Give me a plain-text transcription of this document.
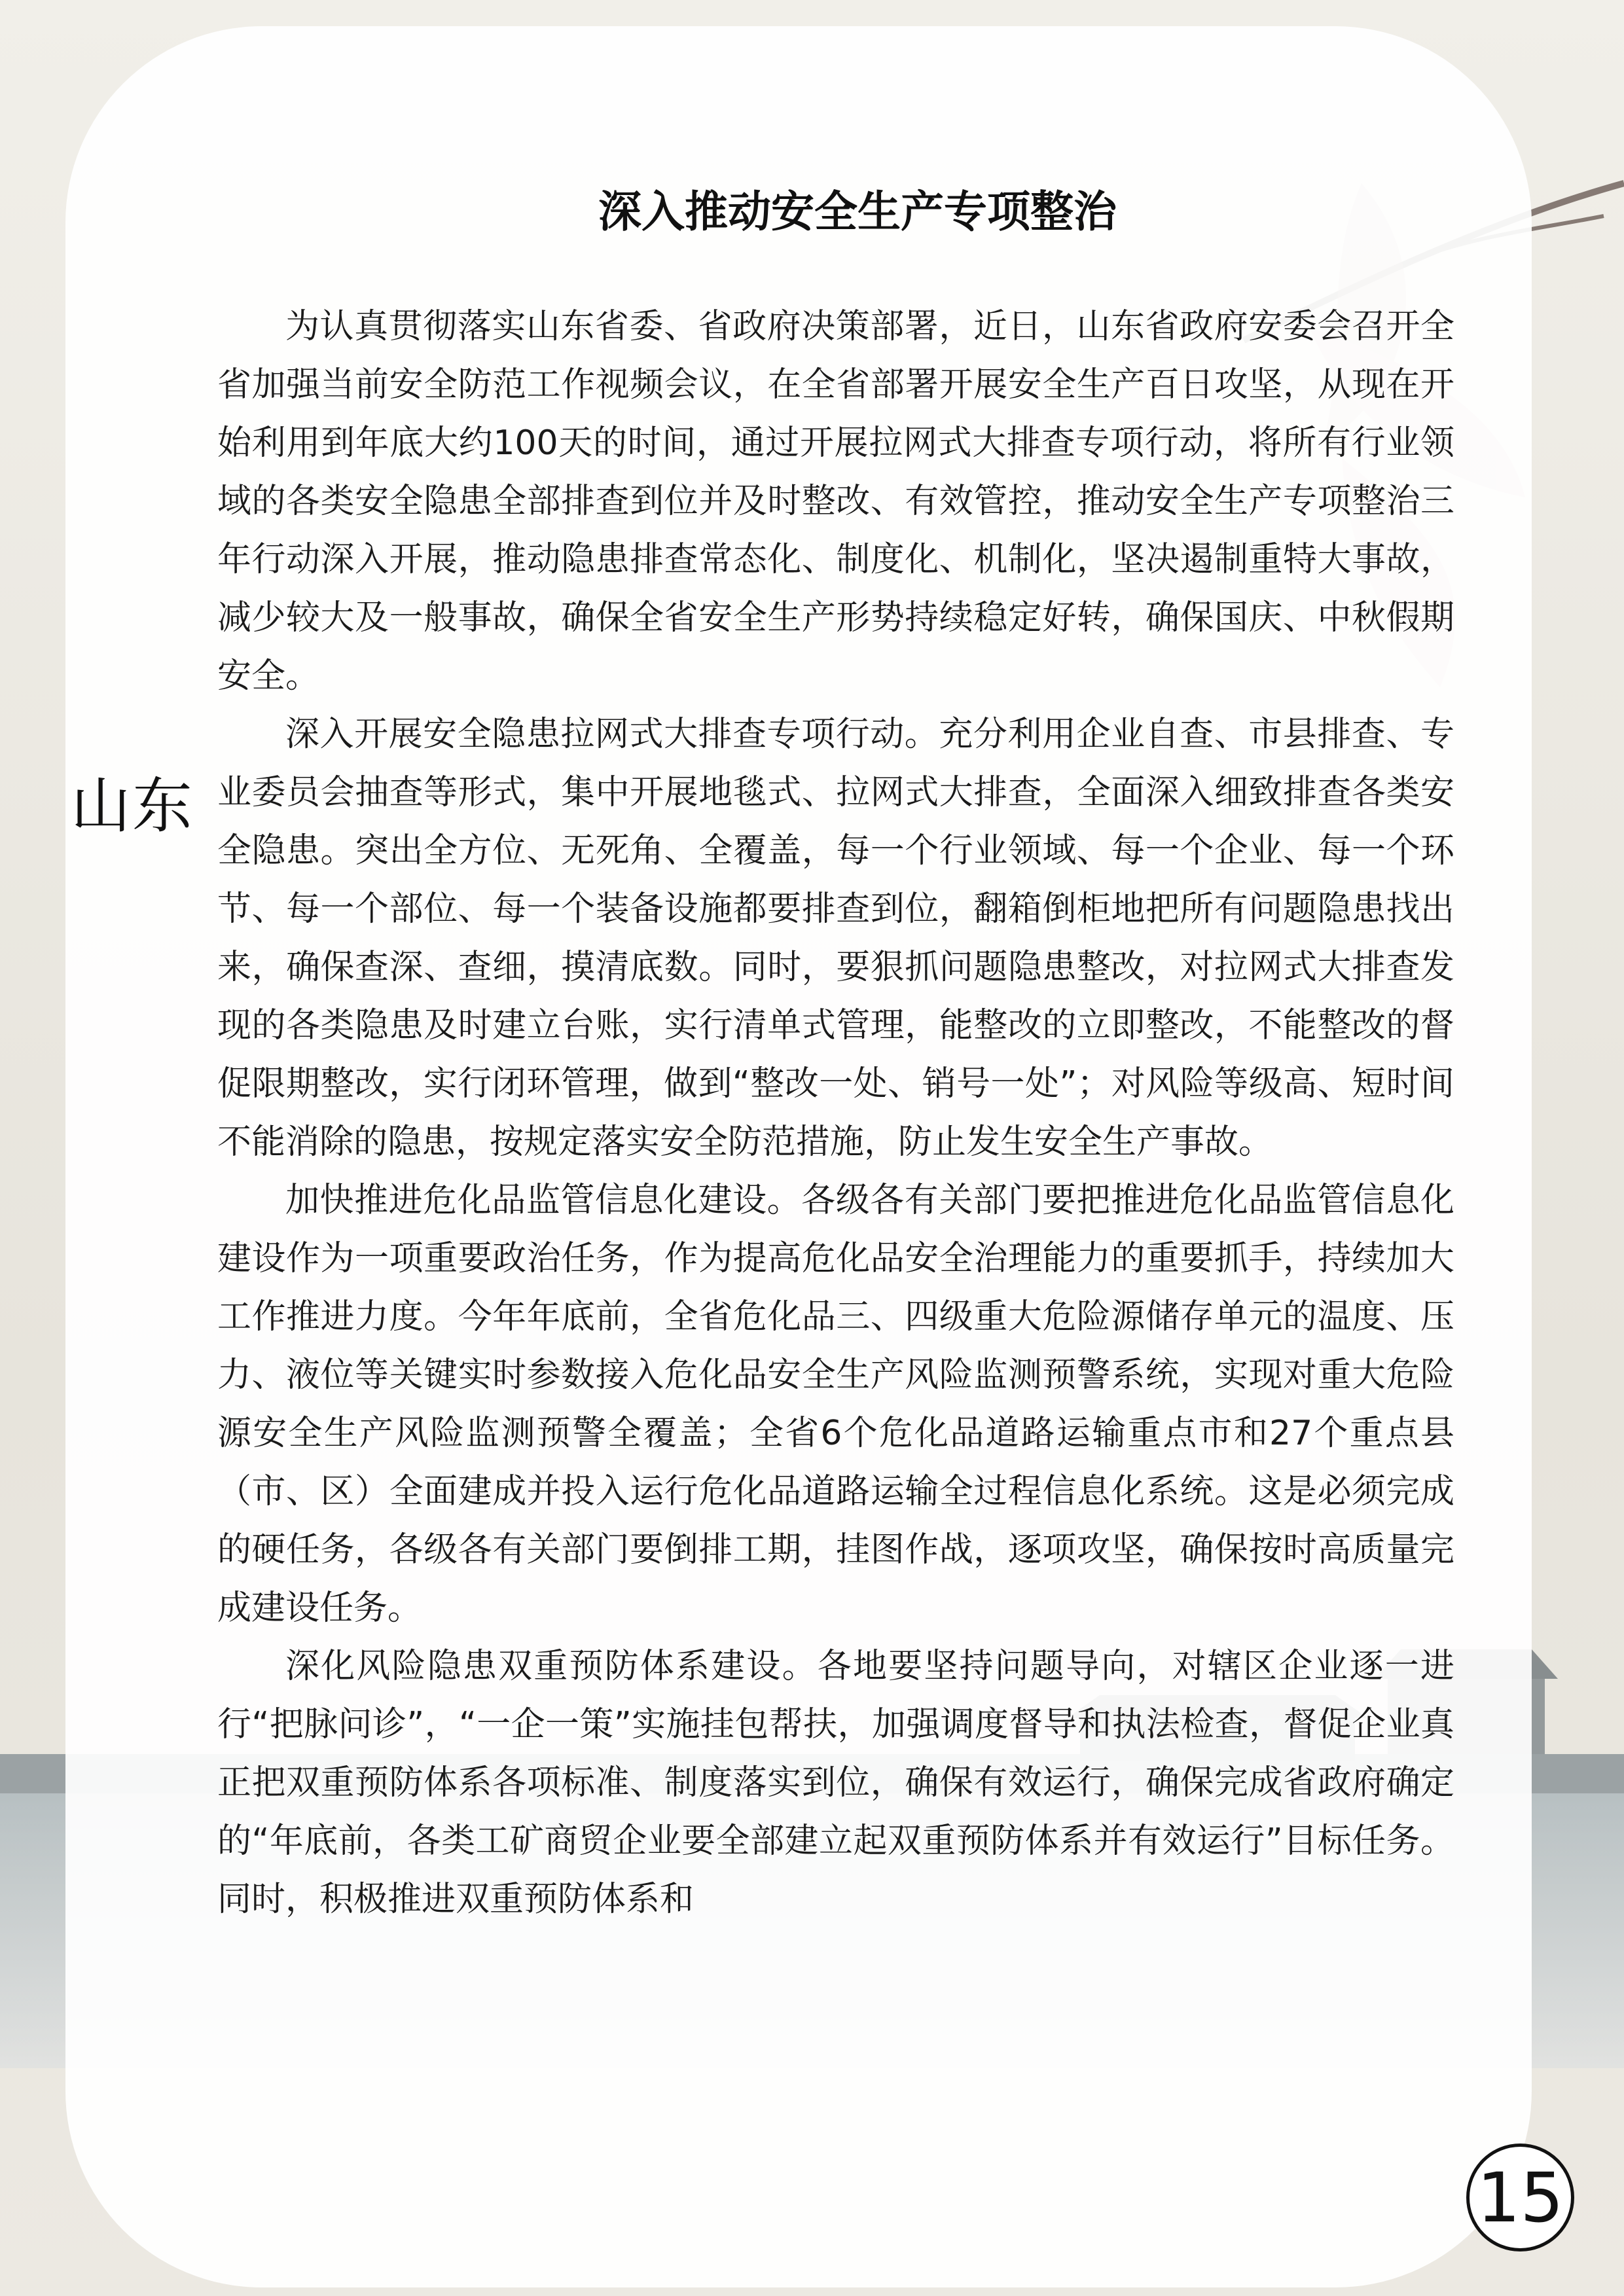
深入推动安全生产专项整治
山东

为认真贯彻落实山东省委、省政府决策部署，近日，山东省政府安委会召开全省加强当前安全防范工作视频会议，在全省部署开展安全生产百日攻坚，从现在开始利用到年底大约100天的时间，通过开展拉网式大排查专项行动，将所有行业领域的各类安全隐患全部排查到位并及时整改、有效管控，推动安全生产专项整治三年行动深入开展，推动隐患排查常态化、制度化、机制化，坚决遏制重特大事故，减少较大及一般事故，确保全省安全生产形势持续稳定好转，确保国庆、中秋假期安全。

深入开展安全隐患拉网式大排查专项行动。充分利用企业自查、市县排查、专业委员会抽查等形式，集中开展地毯式、拉网式大排查，全面深入细致排查各类安全隐患。突出全方位、无死角、全覆盖，每一个行业领域、每一个企业、每一个环节、每一个部位、每一个装备设施都要排查到位，翻箱倒柜地把所有问题隐患找出来，确保查深、查细，摸清底数。同时，要狠抓问题隐患整改，对拉网式大排查发现的各类隐患及时建立台账，实行清单式管理，能整改的立即整改，不能整改的督促限期整改，实行闭环管理，做到“整改一处、销号一处”；对风险等级高、短时间不能消除的隐患，按规定落实安全防范措施，防止发生安全生产事故。

加快推进危化品监管信息化建设。各级各有关部门要把推进危化品监管信息化建设作为一项重要政治任务，作为提高危化品安全治理能力的重要抓手，持续加大工作推进力度。今年年底前，全省危化品三、四级重大危险源储存单元的温度、压力、液位等关键实时参数接入危化品安全生产风险监测预警系统，实现对重大危险源安全生产风险监测预警全覆盖；全省6个危化品道路运输重点市和27个重点县（市、区）全面建成并投入运行危化品道路运输全过程信息化系统。这是必须完成的硬任务，各级各有关部门要倒排工期，挂图作战，逐项攻坚，确保按时高质量完成建设任务。

深化风险隐患双重预防体系建设。各地要坚持问题导向，对辖区企业逐一进行“把脉问诊”，“一企一策”实施挂包帮扶，加强调度督导和执法检查，督促企业真正把双重预防体系各项标准、制度落实到位，确保有效运行，确保完成省政府确定的“年底前，各类工矿商贸企业要全部建立起双重预防体系并有效运行”目标任务。同时，积极推进双重预防体系和

15
